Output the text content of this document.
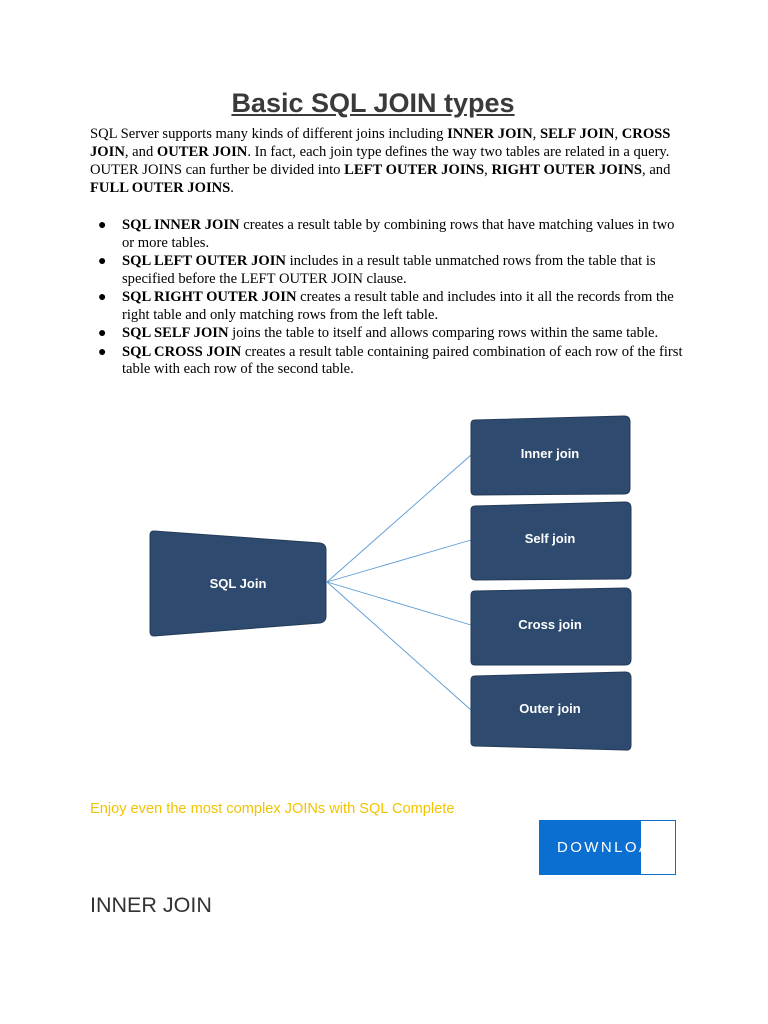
Basic SQL JOIN types

SQL Server supports many kinds of different joins including INNER JOIN, SELF JOIN, CROSS JOIN, and OUTER JOIN. In fact, each join type defines the way two tables are related in a query. OUTER JOINS can further be divided into LEFT OUTER JOINS, RIGHT OUTER JOINS, and FULL OUTER JOINS.

● SQL INNER JOIN creates a result table by combining rows that have matching values in two or more tables.
● SQL LEFT OUTER JOIN includes in a result table unmatched rows from the table that is specified before the LEFT OUTER JOIN clause.
● SQL RIGHT OUTER JOIN creates a result table and includes into it all the records from the right table and only matching rows from the left table.
● SQL SELF JOIN joins the table to itself and allows comparing rows within the same table.
● SQL CROSS JOIN creates a result table containing paired combination of each row of the first table with each row of the second table.
SQL Join
Inner join
Self join
Cross join
Outer join

Enjoy even the most complex JOINs with SQL Complete

DOWNLOAD
INNER JOIN
